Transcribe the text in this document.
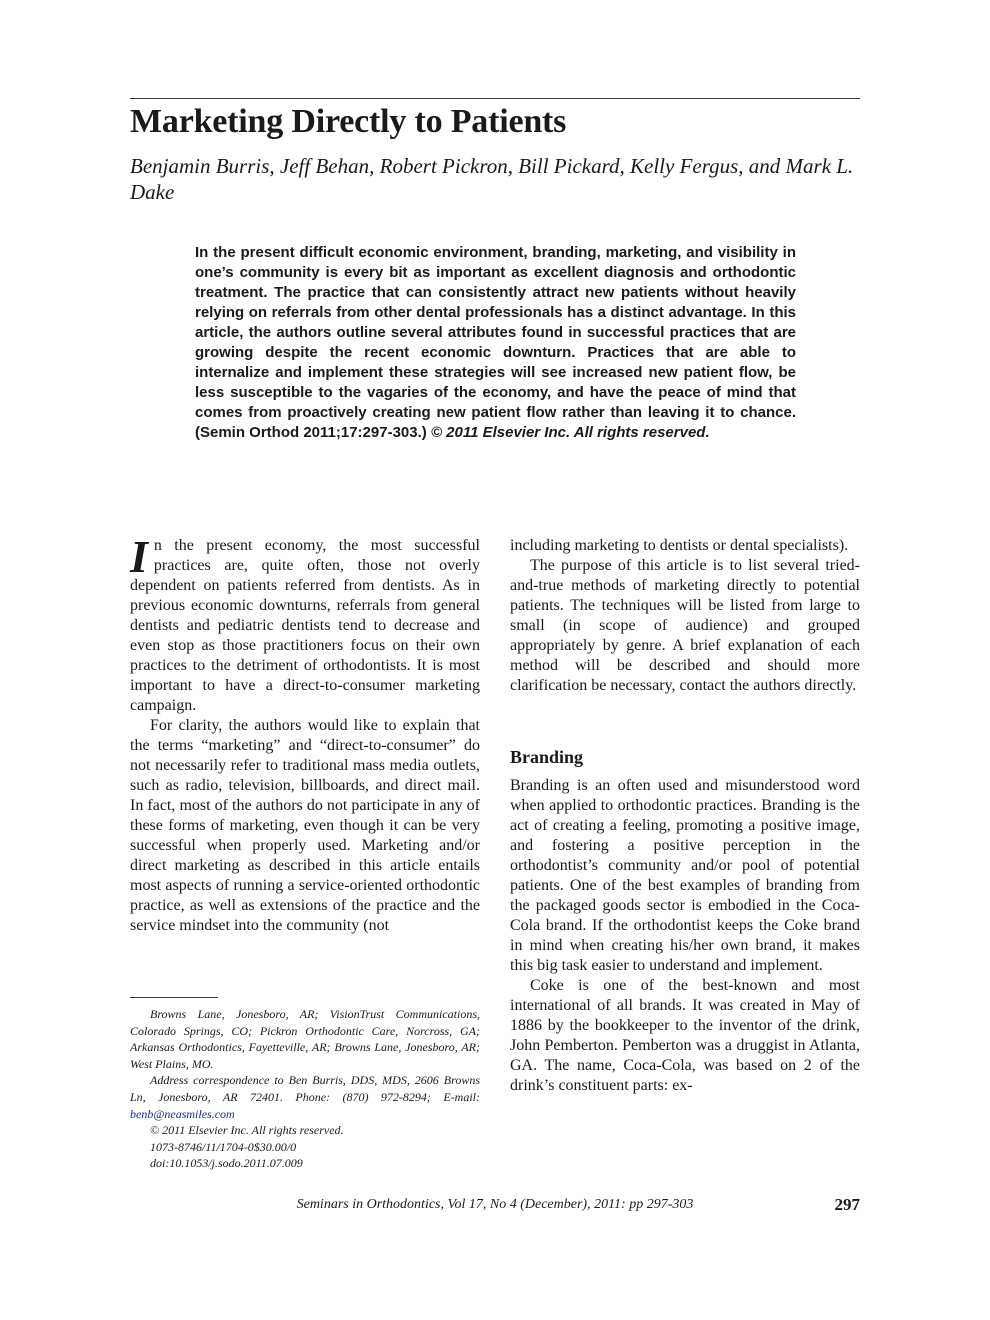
Marketing Directly to Patients

Benjamin Burris, Jeff Behan, Robert Pickron, Bill Pickard, Kelly Fergus, and Mark L. Dake

In the present difficult economic environment, branding, marketing, and visibility in one’s community is every bit as important as excellent diagnosis and orthodontic treatment. The practice that can consistently attract new patients without heavily relying on referrals from other dental professionals has a distinct advantage. In this article, the authors outline several attributes found in successful practices that are growing despite the recent economic downturn. Practices that are able to internalize and implement these strategies will see increased new patient flow, be less susceptible to the vagaries of the economy, and have the peace of mind that comes from proactively creating new patient flow rather than leaving it to chance. (Semin Orthod 2011;17:297-303.) © 2011 Elsevier Inc. All rights reserved.

In the present economy, the most successful practices are, quite often, those not overly dependent on patients referred from dentists. As in previous economic downturns, referrals from general dentists and pediatric dentists tend to decrease and even stop as those practitioners focus on their own practices to the detriment of orthodontists. It is most important to have a direct-to-consumer marketing campaign.

For clarity, the authors would like to explain that the terms “marketing” and “direct-to-consumer” do not necessarily refer to traditional mass media outlets, such as radio, television, billboards, and direct mail. In fact, most of the authors do not participate in any of these forms of marketing, even though it can be very successful when properly used. Marketing and/or direct marketing as described in this article entails most aspects of running a service-oriented orthodontic practice, as well as extensions of the practice and the service mindset into the community (not

including marketing to dentists or dental specialists).

The purpose of this article is to list several tried-and-true methods of marketing directly to potential patients. The techniques will be listed from large to small (in scope of audience) and grouped appropriately by genre. A brief explanation of each method will be described and should more clarification be necessary, contact the authors directly.

Branding

Branding is an often used and misunderstood word when applied to orthodontic practices. Branding is the act of creating a feeling, promoting a positive image, and fostering a positive perception in the orthodontist’s community and/or pool of potential patients. One of the best examples of branding from the packaged goods sector is embodied in the Coca-Cola brand. If the orthodontist keeps the Coke brand in mind when creating his/her own brand, it makes this big task easier to understand and implement.

Coke is one of the best-known and most international of all brands. It was created in May of 1886 by the bookkeeper to the inventor of the drink, John Pemberton. Pemberton was a druggist in Atlanta, GA. The name, Coca-Cola, was based on 2 of the drink’s constituent parts: ex-

Browns Lane, Jonesboro, AR; VisionTrust Communications, Colorado Springs, CO; Pickron Orthodontic Care, Norcross, GA; Arkansas Orthodontics, Fayetteville, AR; Browns Lane, Jonesboro, AR; West Plains, MO.

Address correspondence to Ben Burris, DDS, MDS, 2606 Browns Ln, Jonesboro, AR 72401. Phone: (870) 972-8294; E-mail: benb@neasmiles.com

© 2011 Elsevier Inc. All rights reserved.

1073-8746/11/1704-0$30.00/0

doi:10.1053/j.sodo.2011.07.009

Seminars in Orthodontics, Vol 17, No 4 (December), 2011: pp 297-303	297
